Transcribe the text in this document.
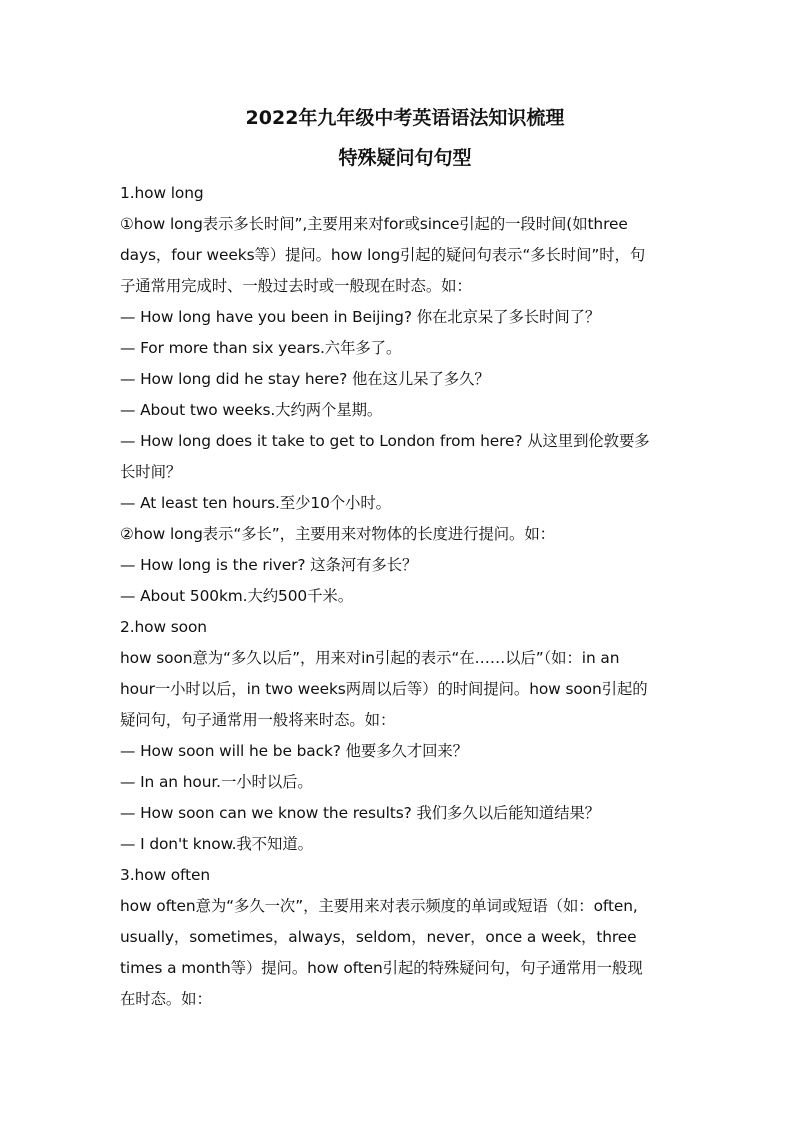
2022年九年级中考英语语法知识梳理
特殊疑问句句型
1.how long
①how long表示多长时间”,主要用来对for或since引起的一段时间(如three
days，four weeks等）提问。how long引起的疑问句表示“多长时间”时，句
子通常用完成时、一般过去时或一般现在时态。如：
— How long have you been in Beijing? 你在北京呆了多长时间了？
— For more than six years.六年多了。
— How long did he stay here? 他在这儿呆了多久？
— About two weeks.大约两个星期。
— How long does it take to get to London from here? 从这里到伦敦要多
长时间？
— At least ten hours.至少10个小时。
②how long表示“多长”，主要用来对物体的长度进行提问。如：
— How long is the river? 这条河有多长？
— About 500km.大约500千米。
2.how soon
how soon意为“多久以后”，用来对in引起的表示“在……以后”（如：in an
hour一小时以后，in two weeks两周以后等）的时间提问。how soon引起的
疑问句，句子通常用一般将来时态。如：
— How soon will he be back? 他要多久才回来？
— In an hour.一小时以后。
— How soon can we know the results? 我们多久以后能知道结果？
— I don't know.我不知道。
3.how often
how often意为“多久一次”，主要用来对表示频度的单词或短语（如：often,
usually，sometimes，always，seldom，never，once a week，three
times a month等）提问。how often引起的特殊疑问句，句子通常用一般现
在时态。如：
